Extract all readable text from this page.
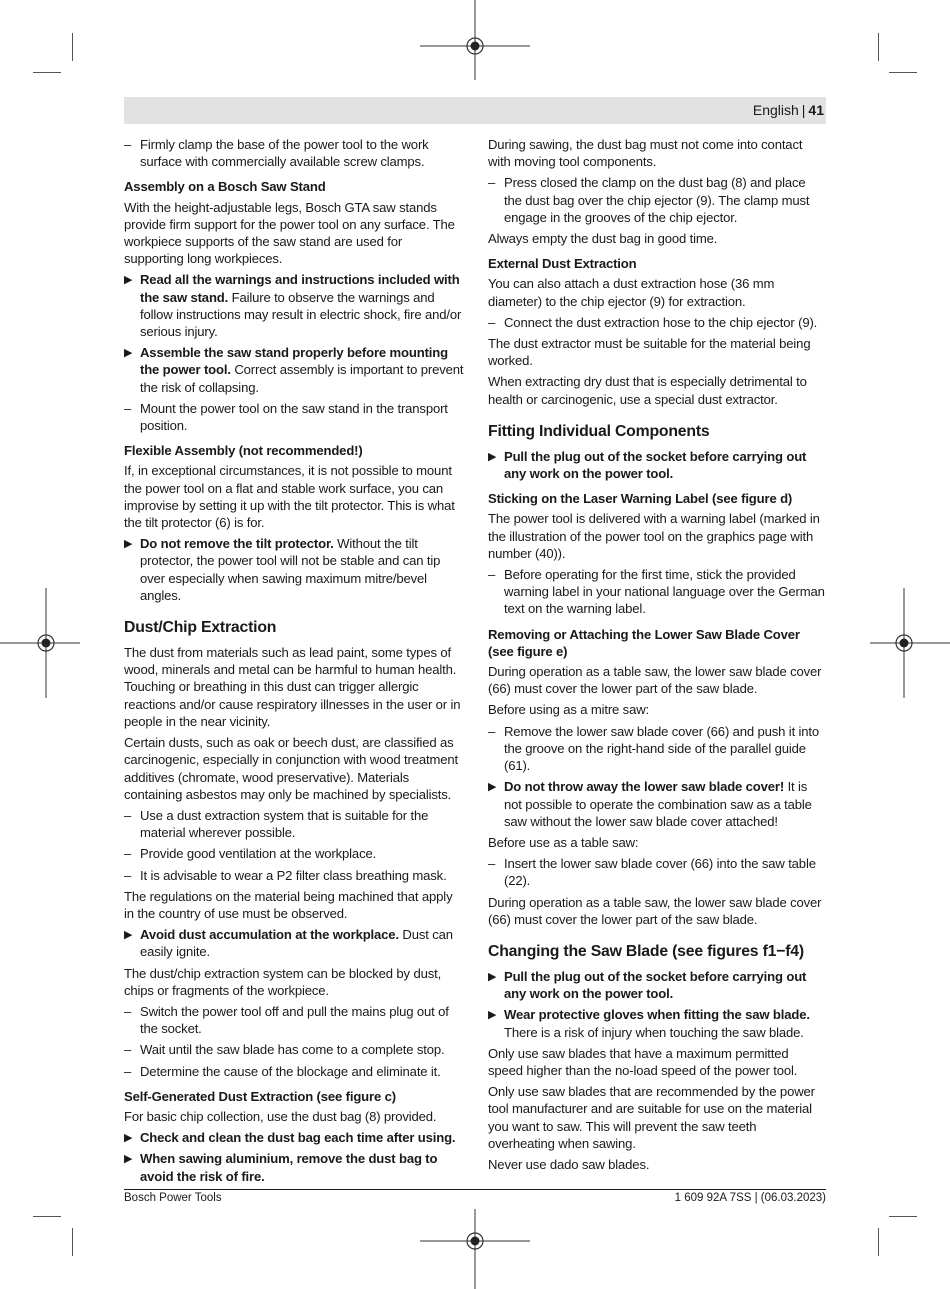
English | 41
– Firmly clamp the base of the power tool to the work surface with commercially available screw clamps.
Assembly on a Bosch Saw Stand

With the height-adjustable legs, Bosch GTA saw stands provide firm support for the power tool on any surface. The workpiece supports of the saw stand are used for supporting long workpieces.

▶ Read all the warnings and instructions included with the saw stand. Failure to observe the warnings and follow instructions may result in electric shock, fire and/or serious injury.
▶ Assemble the saw stand properly before mounting the power tool. Correct assembly is important to prevent the risk of collapsing.
– Mount the power tool on the saw stand in the transport position.
Flexible Assembly (not recommended!)

If, in exceptional circumstances, it is not possible to mount the power tool on a flat and stable work surface, you can improvise by setting it up with the tilt protector. This is what the tilt protector (6) is for.

▶ Do not remove the tilt protector. Without the tilt protector, the power tool will not be stable and can tip over especially when sawing maximum mitre/bevel angles.
Dust/Chip Extraction

The dust from materials such as lead paint, some types of wood, minerals and metal can be harmful to human health. Touching or breathing in this dust can trigger allergic reactions and/or cause respiratory illnesses in the user or in people in the near vicinity.

Certain dusts, such as oak or beech dust, are classified as carcinogenic, especially in conjunction with wood treatment additives (chromate, wood preservative). Materials containing asbestos may only be machined by specialists.

– Use a dust extraction system that is suitable for the material wherever possible.
– Provide good ventilation at the workplace.
– It is advisable to wear a P2 filter class breathing mask.

The regulations on the material being machined that apply in the country of use must be observed.

▶ Avoid dust accumulation at the workplace. Dust can easily ignite.

The dust/chip extraction system can be blocked by dust, chips or fragments of the workpiece.

– Switch the power tool off and pull the mains plug out of the socket.
– Wait until the saw blade has come to a complete stop.
– Determine the cause of the blockage and eliminate it.
Self-Generated Dust Extraction (see figure c)

For basic chip collection, use the dust bag (8) provided.

▶ Check and clean the dust bag each time after using.
▶ When sawing aluminium, remove the dust bag to avoid the risk of fire.

During sawing, the dust bag must not come into contact with moving tool components.

– Press closed the clamp on the dust bag (8) and place the dust bag over the chip ejector (9). The clamp must engage in the grooves of the chip ejector.

Always empty the dust bag in good time.

External Dust Extraction

You can also attach a dust extraction hose (36 mm diameter) to the chip ejector (9) for extraction.

– Connect the dust extraction hose to the chip ejector (9).

The dust extractor must be suitable for the material being worked.

When extracting dry dust that is especially detrimental to health or carcinogenic, use a special dust extractor.

Fitting Individual Components
▶ Pull the plug out of the socket before carrying out any work on the power tool.
Sticking on the Laser Warning Label (see figure d)

The power tool is delivered with a warning label (marked in the illustration of the power tool on the graphics page with number (40)).

– Before operating for the first time, stick the provided warning label in your national language over the German text on the warning label.
Removing or Attaching the Lower Saw Blade Cover (see figure e)

During operation as a table saw, the lower saw blade cover (66) must cover the lower part of the saw blade.

Before using as a mitre saw:

– Remove the lower saw blade cover (66) and push it into the groove on the right-hand side of the parallel guide (61).
▶ Do not throw away the lower saw blade cover! It is not possible to operate the combination saw as a table saw without the lower saw blade cover attached!

Before use as a table saw:

– Insert the lower saw blade cover (66) into the saw table (22).

During operation as a table saw, the lower saw blade cover (66) must cover the lower part of the saw blade.

Changing the Saw Blade (see figures f1−f4)
▶ Pull the plug out of the socket before carrying out any work on the power tool.
▶ Wear protective gloves when fitting the saw blade. There is a risk of injury when touching the saw blade.

Only use saw blades that have a maximum permitted speed higher than the no-load speed of the power tool.

Only use saw blades that are recommended by the power tool manufacturer and are suitable for use on the material you want to saw. This will prevent the saw teeth overheating when sawing.

Never use dado saw blades.

Bosch Power Tools	1 609 92A 7SS | (06.03.2023)
